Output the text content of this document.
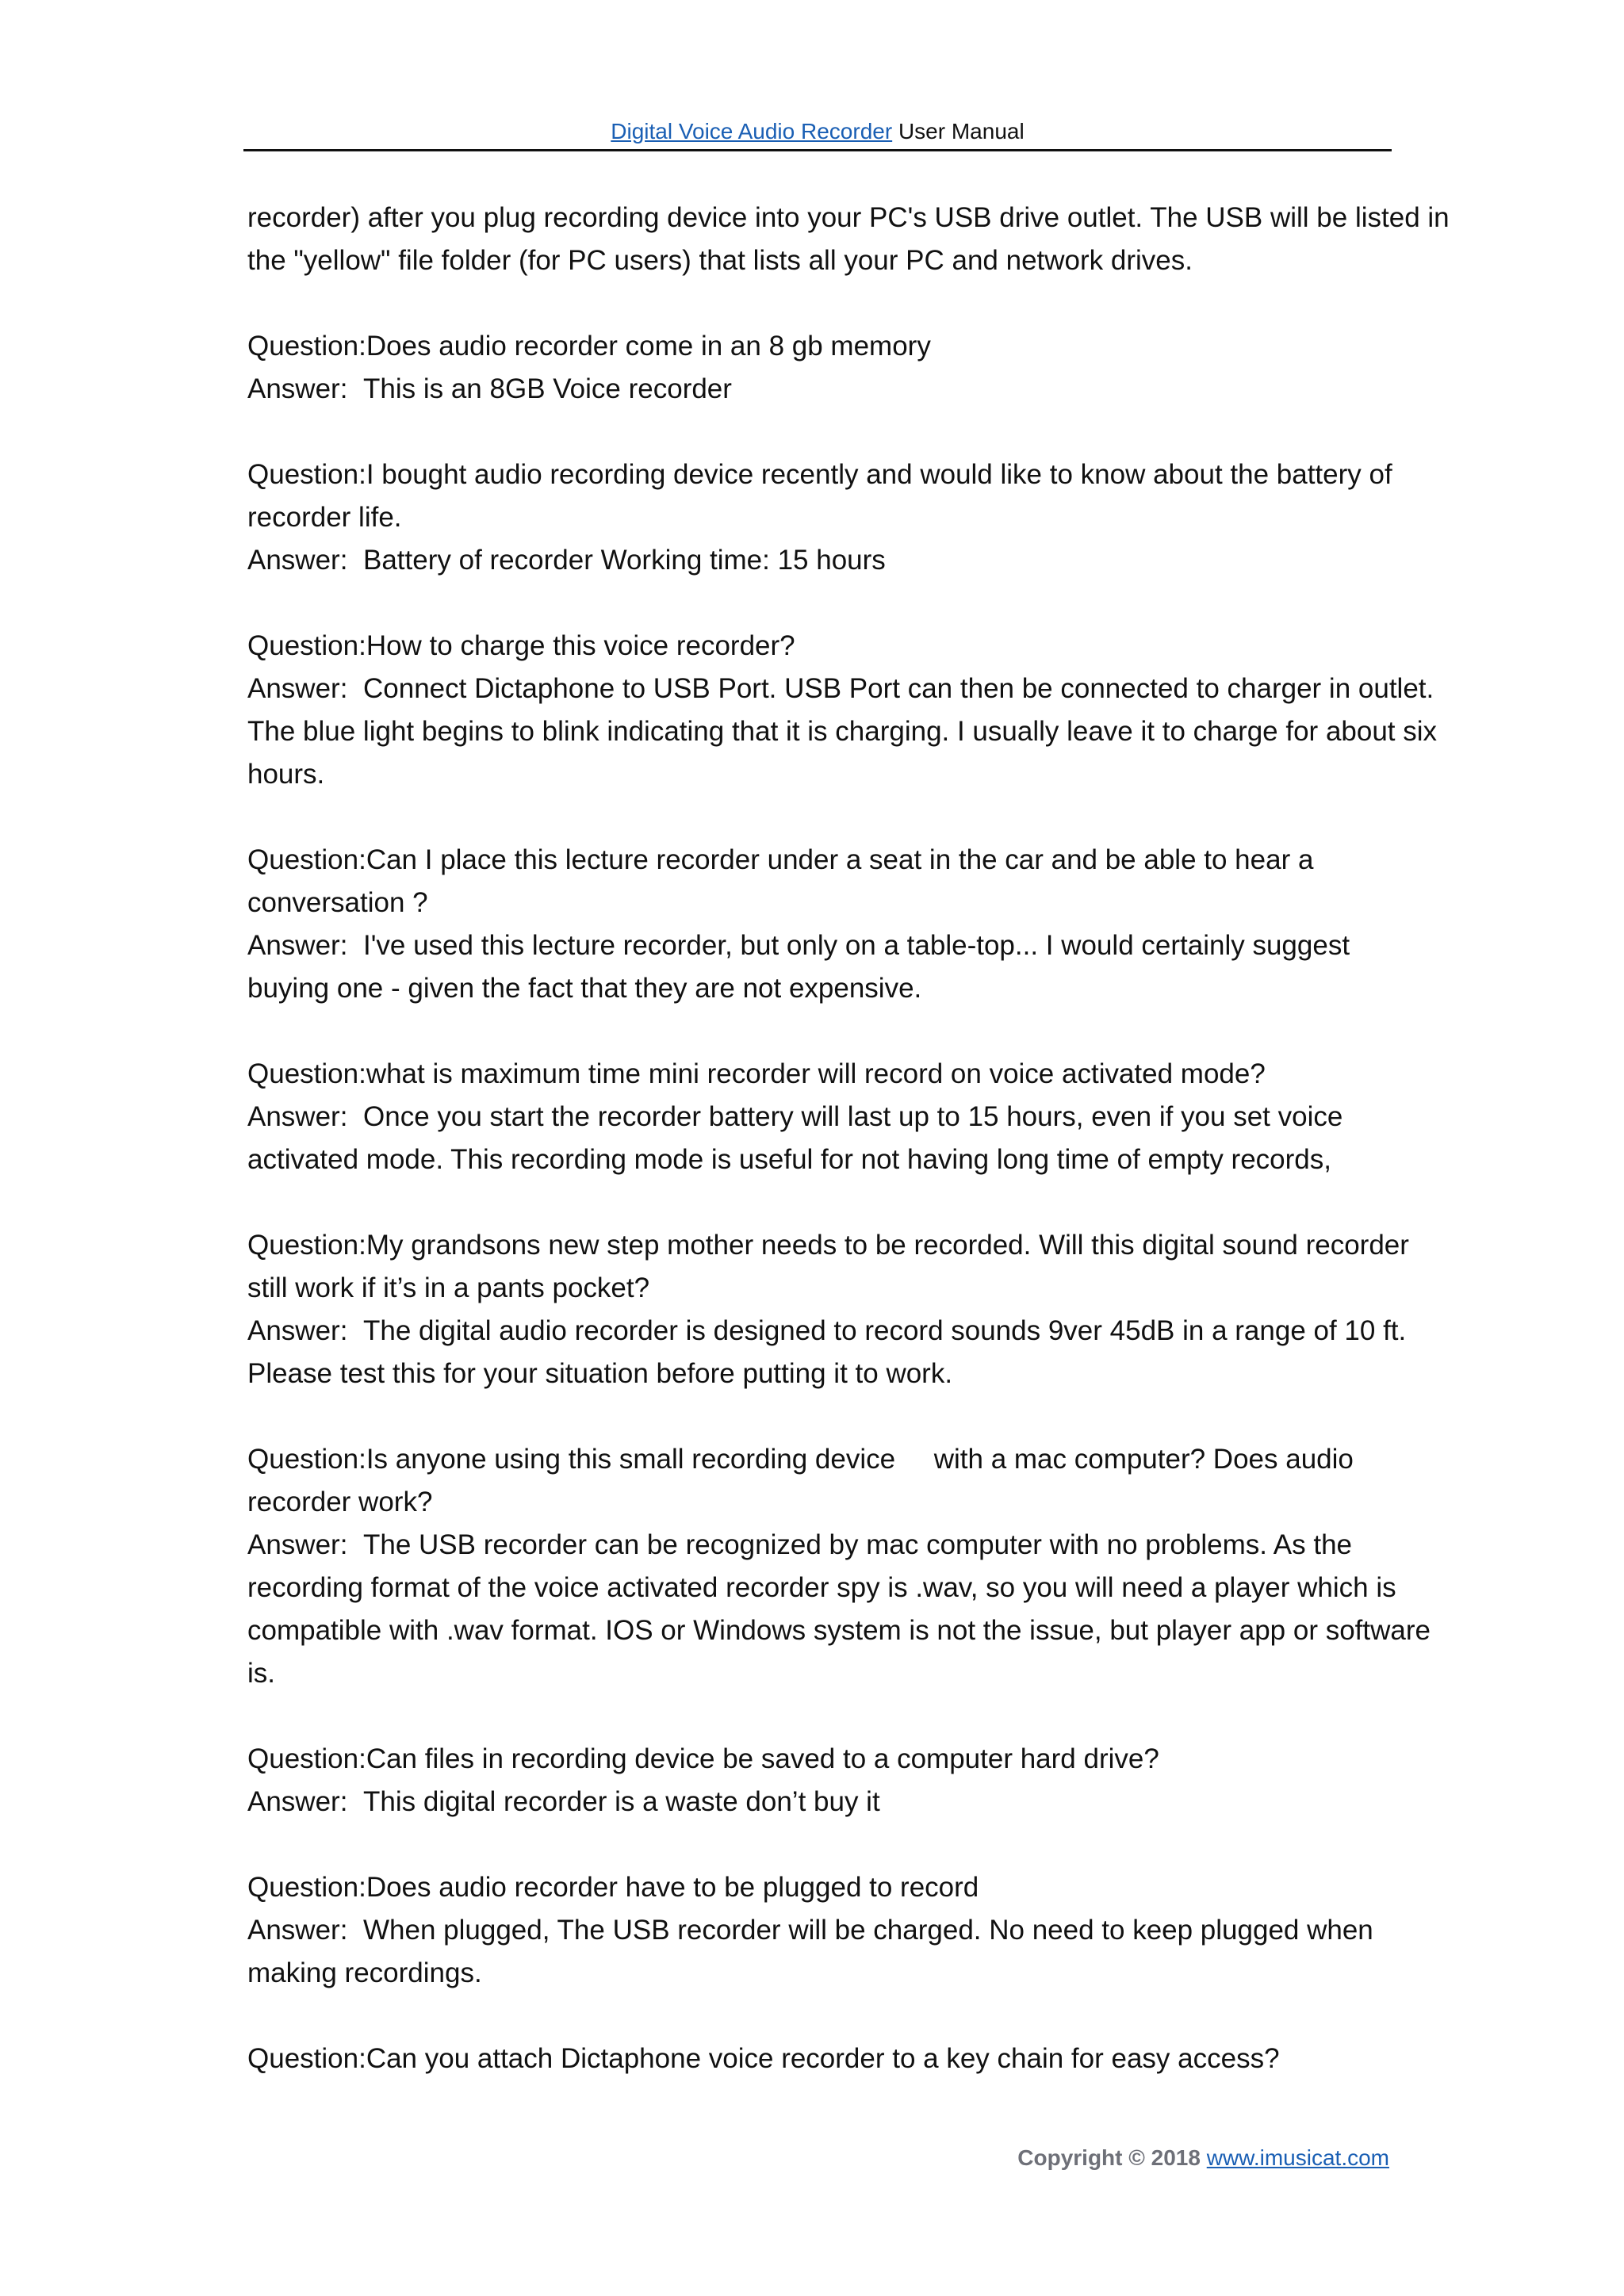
Digital Voice Audio Recorder User Manual

recorder) after you plug recording device into your PC's USB drive outlet. The USB will be listed in
the "yellow" file folder (for PC users) that lists all your PC and network drives.

Question:Does audio recorder come in an 8 gb memory
Answer: This is an 8GB Voice recorder
Question:I bought audio recording device recently and would like to know about the battery of
recorder life.
Answer: Battery of recorder Working time: 15 hours
Question:How to charge this voice recorder?
Answer: Connect Dictaphone to USB Port. USB Port can then be connected to charger in outlet.
The blue light begins to blink indicating that it is charging. I usually leave it to charge for about six
hours.
Question:Can I place this lecture recorder under a seat in the car and be able to hear a
conversation ?
Answer: I've used this lecture recorder, but only on a table-top... I would certainly suggest
buying one - given the fact that they are not expensive.
Question:what is maximum time mini recorder will record on voice activated mode?
Answer: Once you start the recorder battery will last up to 15 hours, even if you set voice
activated mode. This recording mode is useful for not having long time of empty records,
Question:My grandsons new step mother needs to be recorded. Will this digital sound recorder
still work if it’s in a pants pocket?
Answer: The digital audio recorder is designed to record sounds 9ver 45dB in a range of 10 ft.
Please test this for your situation before putting it to work.
Question:Is anyone using this small recording device     with a mac computer? Does audio
recorder work?
Answer: The USB recorder can be recognized by mac computer with no problems. As the
recording format of the voice activated recorder spy is .wav, so you will need a player which is
compatible with .wav format. IOS or Windows system is not the issue, but player app or software
is.
Question:Can files in recording device be saved to a computer hard drive?
Answer: This digital recorder is a waste don’t buy it
Question:Does audio recorder have to be plugged to record
Answer: When plugged, The USB recorder will be charged. No need to keep plugged when
making recordings.
Question:Can you attach Dictaphone voice recorder to a key chain for easy access?
Copyright © 2018 www.imusicat.com
